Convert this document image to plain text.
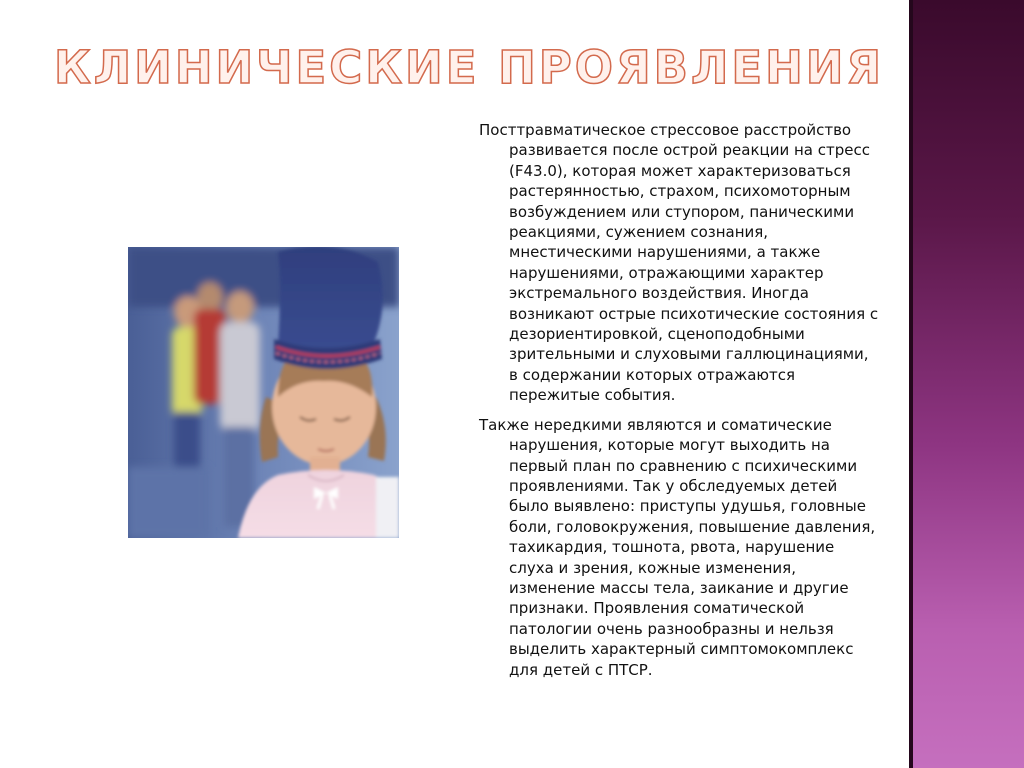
КЛИНИЧЕСКИЕ ПРОЯВЛЕНИЯ

Посттравматическое стрессовое расстройство развивается после острой реакции на стресс (F43.0), которая может характеризоваться растерянностью, страхом, психомоторным возбуждением или ступором, паническими реакциями, сужением сознания, мнестическими нарушениями, а также нарушениями, отражающими характер экстремального воздействия. Иногда возникают острые психотические состояния с дезориентировкой, сценоподобными зрительными и слуховыми галлюцинациями, в содержании которых отражаются пережитые события.

Также нередкими являются и соматические нарушения, которые могут выходить на первый план по сравнению с психическими проявлениями. Так у обследуемых детей было выявлено: приступы удушья, головные боли, головокружения, повышение давления, тахикардия, тошнота, рвота, нарушение слуха и зрения, кожные изменения, изменение массы тела, заикание и другие признаки. Проявления соматической патологии очень разнообразны и нельзя выделить характерный симптомокомплекс для детей с ПТСР.
